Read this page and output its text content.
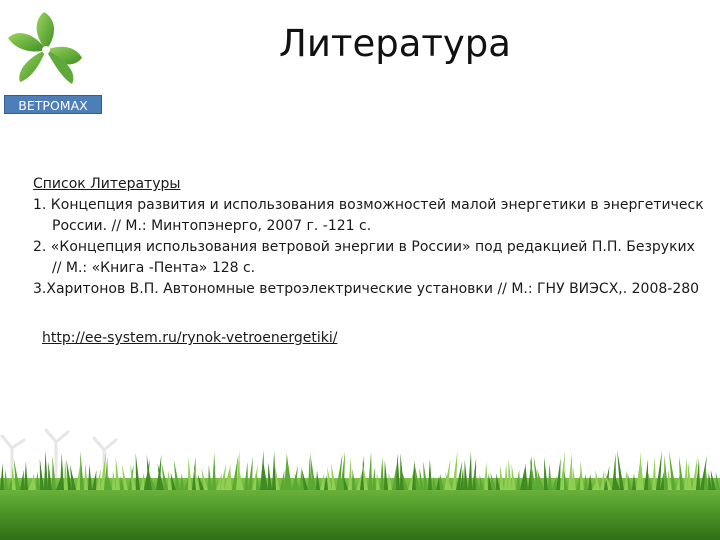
ВЕТРОМАХ
Литература
Список Литературы
1. Концепция развития и использования возможностей малой энергетики в энергетическ
России. // М.: Минтопэнерго, 2007 г. -121 с.
2. «Концепция использования ветровой энергии в России» под редакцией П.П. Безруких
// М.: «Книга -Пента» 128 с.
3.Харитонов В.П. Автономные ветроэлектрические установки // М.: ГНУ ВИЭСХ,. 2008-280
http://ee-system.ru/rynok-vetroenergetiki/
